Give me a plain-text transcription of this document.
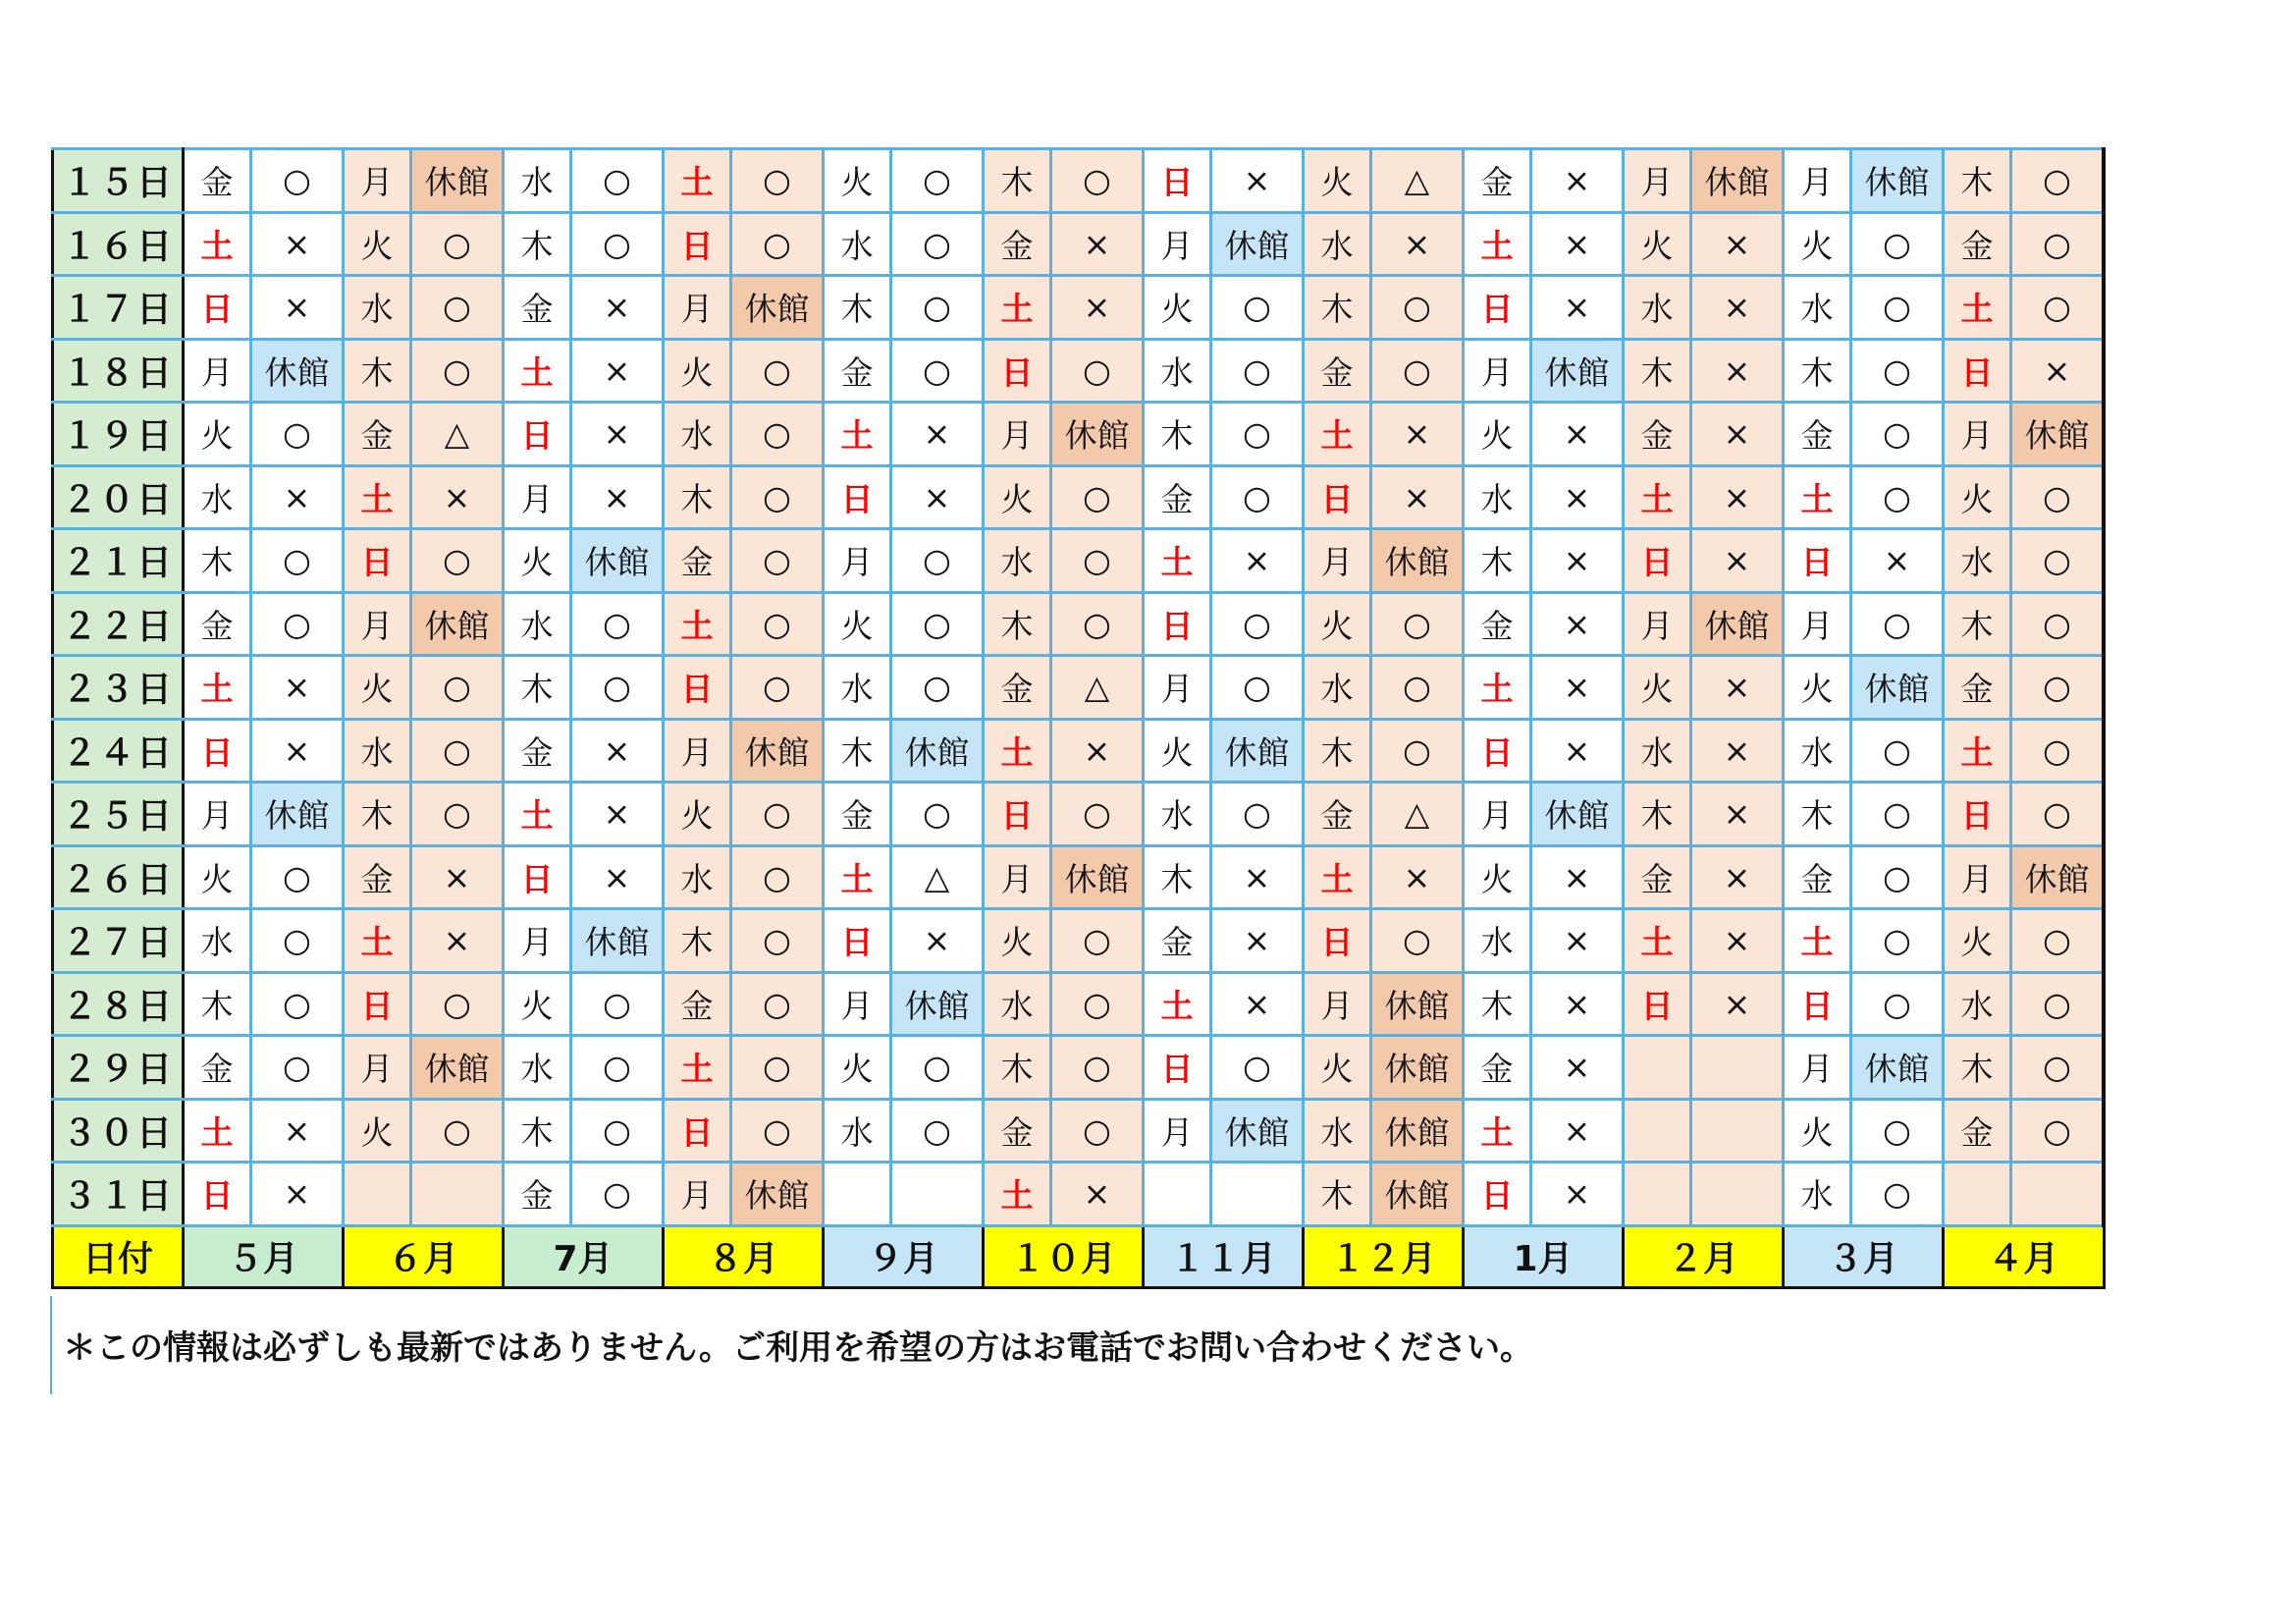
１５日	金	○	月	休館	水	○	土	○	火	○	木	○	日	×	火	△	金	×	月	休館	月	休館	木	○
１６日	土	×	火	○	木	○	日	○	水	○	金	×	月	休館	水	×	土	×	火	×	火	○	金	○
１７日	日	×	水	○	金	×	月	休館	木	○	土	×	火	○	木	○	日	×	水	×	水	○	土	○
１８日	月	休館	木	○	土	×	火	○	金	○	日	○	水	○	金	○	月	休館	木	×	木	○	日	×
１９日	火	○	金	△	日	×	水	○	土	×	月	休館	木	○	土	×	火	×	金	×	金	○	月	休館
２０日	水	×	土	×	月	×	木	○	日	×	火	○	金	○	日	×	水	×	土	×	土	○	火	○
２１日	木	○	日	○	火	休館	金	○	月	○	水	○	土	×	月	休館	木	×	日	×	日	×	水	○
２２日	金	○	月	休館	水	○	土	○	火	○	木	○	日	○	火	○	金	×	月	休館	月	○	木	○
２３日	土	×	火	○	木	○	日	○	水	○	金	△	月	○	水	○	土	×	火	×	火	休館	金	○
２４日	日	×	水	○	金	×	月	休館	木	休館	土	×	火	休館	木	○	日	×	水	×	水	○	土	○
２５日	月	休館	木	○	土	×	火	○	金	○	日	○	水	○	金	△	月	休館	木	×	木	○	日	○
２６日	火	○	金	×	日	×	水	○	土	△	月	休館	木	×	土	×	火	×	金	×	金	○	月	休館
２７日	水	○	土	×	月	休館	木	○	日	×	火	○	金	×	日	○	水	×	土	×	土	○	火	○
２８日	木	○	日	○	火	○	金	○	月	休館	水	○	土	×	月	休館	木	×	日	×	日	○	水	○
２９日	金	○	月	休館	水	○	土	○	火	○	木	○	日	○	火	休館	金	×			月	休館	木	○
３０日	土	×	火	○	木	○	日	○	水	○	金	○	月	休館	水	休館	土	×			火	○	金	○
３１日	日	×			金	○	月	休館			土	×			木	休館	日	×			水	○		
日付	５月		６月		7月		８月		９月		１０月		１１月		１２月		1月		２月		３月		４月	
＊この情報は必ずしも最新ではありません。ご利用を希望の方はお電話でお問い合わせください。
